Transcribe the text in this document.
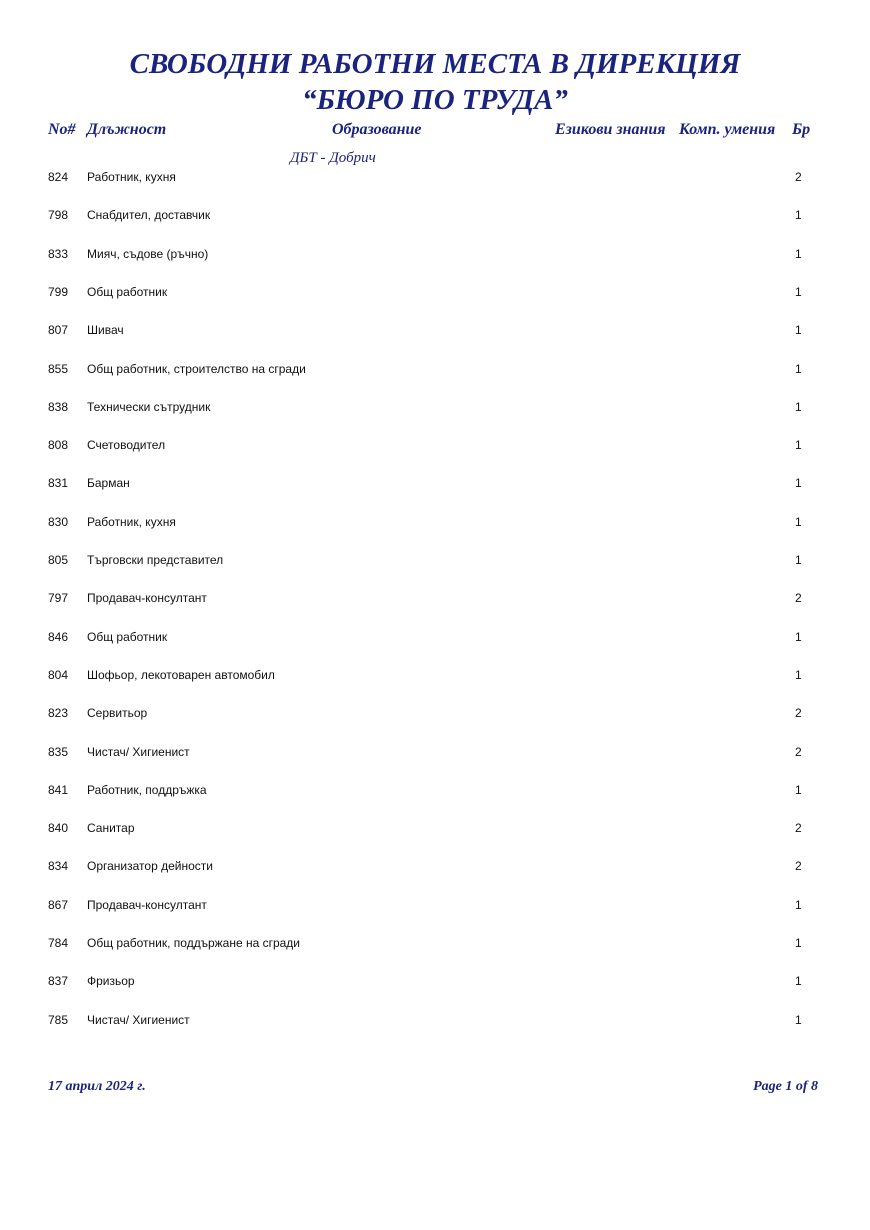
СВОБОДНИ РАБОТНИ МЕСТА В ДИРЕКЦИЯ
“БЮРО ПО ТРУДА”
No# Длъжност	Образование	Езикови знания Комп. умения Бр
ДБТ - Добрич
824 Работник, кухня	2
798 Снабдител, доставчик	1
833 Мияч, съдове (ръчно)	1
799 Общ работник	1
807 Шивач	1
855 Общ работник, строителство на сгради	1
838 Технически сътрудник	1
808 Счетоводител	1
831 Барман	1
830 Работник, кухня	1
805 Търговски представител	1
797 Продавач-консултант	2
846 Общ работник	1
804 Шофьор, лекотоварен автомобил	1
823 Сервитьор	2
835 Чистач/ Хигиенист	2
841 Работник, поддръжка	1
840 Санитар	2
834 Организатор дейности	2
867 Продавач-консултант	1
784 Общ работник, поддържане на сгради	1
837 Фризьор	1
785 Чистач/ Хигиенист	1
17 април 2024 г.	Page 1 of 8
